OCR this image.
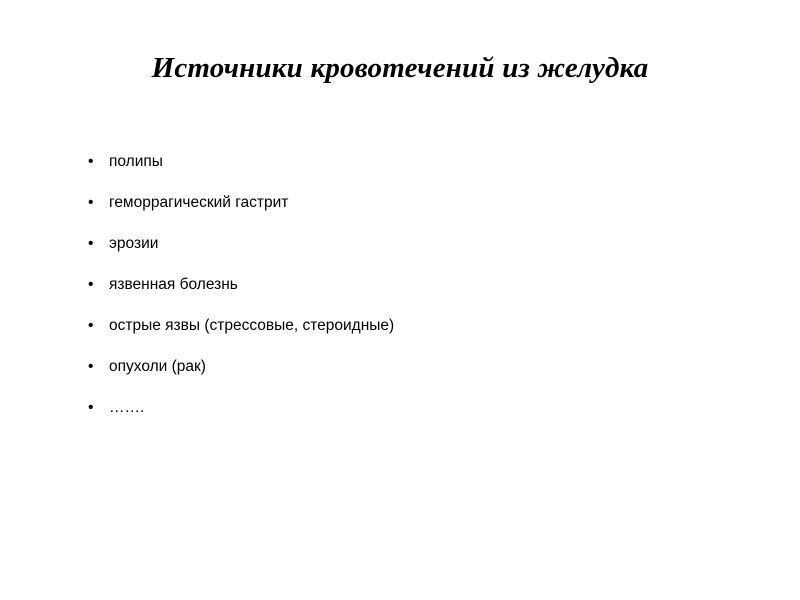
Источники кровотечений из желудка
• полипы
• геморрагический гастрит
• эрозии
• язвенная болезнь
• острые язвы (стрессовые, стероидные)
• опухоли (рак)
• …….
